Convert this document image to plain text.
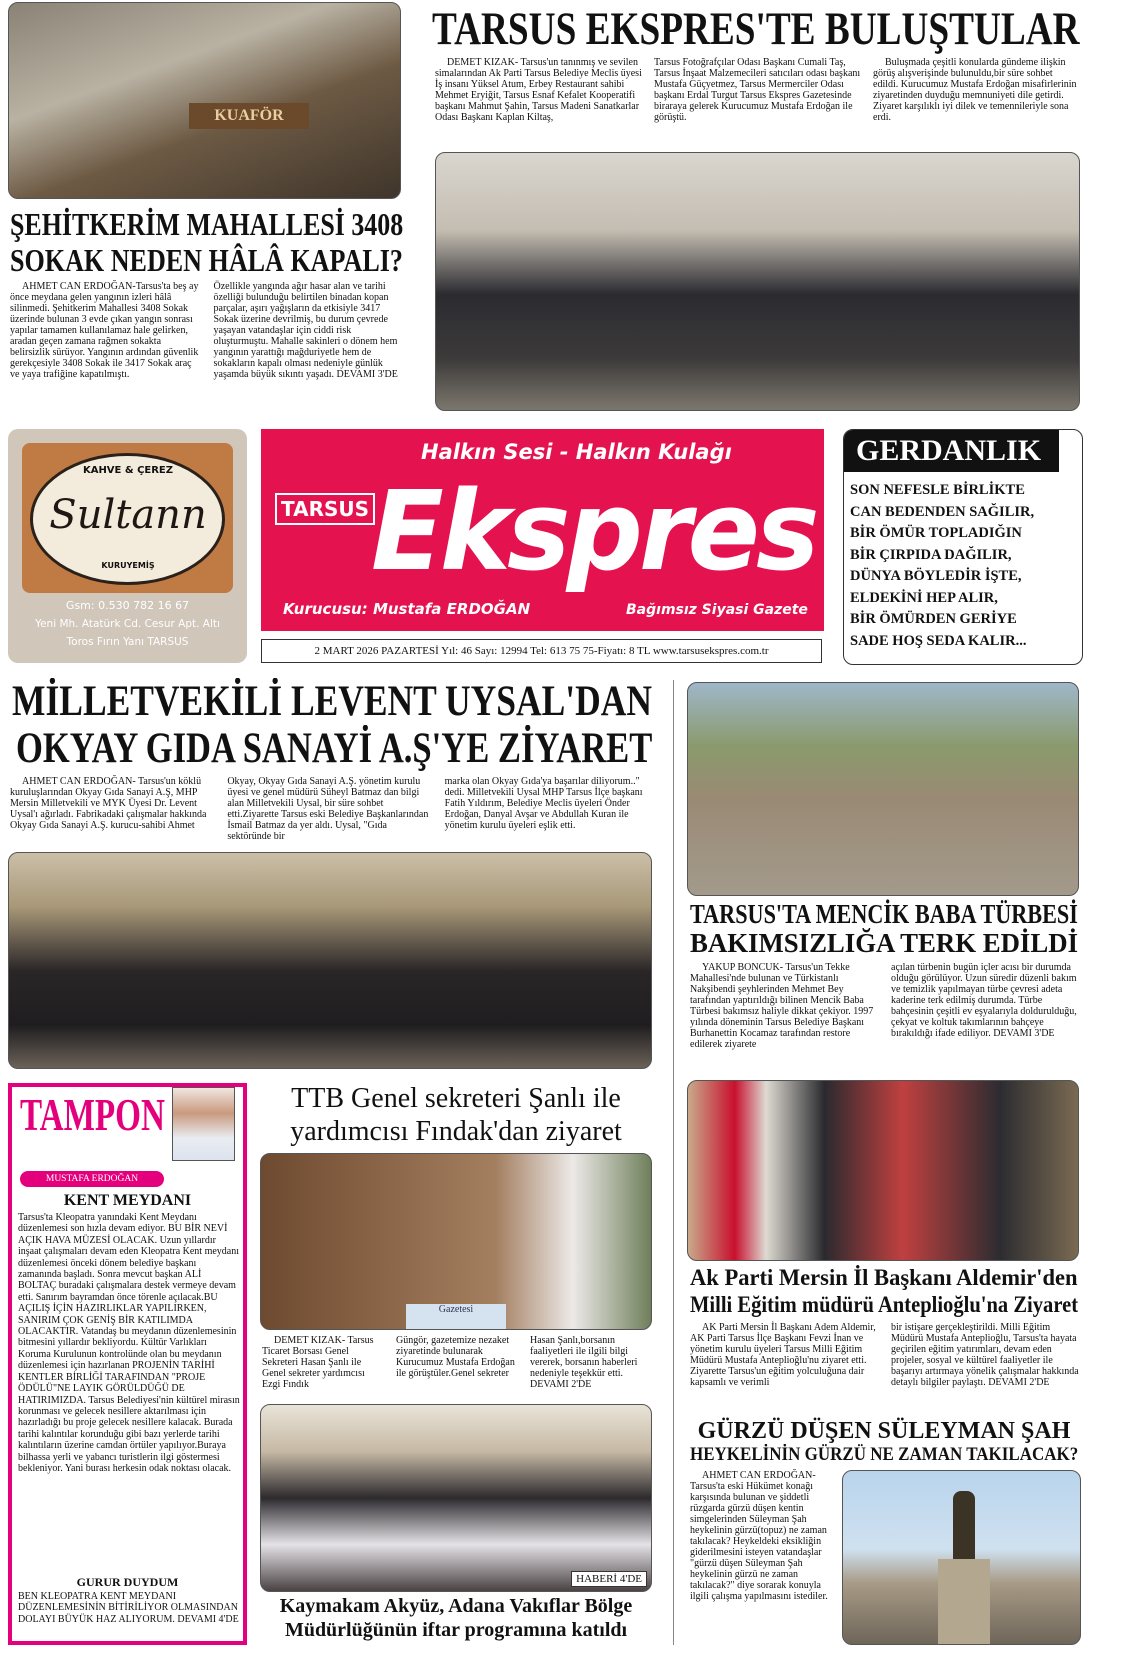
KUAFÖR
TARSUS EKSPRES'TE BULUŞTULAR

DEMET KIZAK- Tarsus'un tanınmış ve sevilen simalarından Ak Parti Tarsus Belediye Meclis üyesi İş insanı Yüksel Atum, Erbey Restaurant sahibi Mehmet Eryiğit, Tarsus Esnaf Kefalet Kooperatifi başkanı Mahmut Şahin, Tarsus Madeni Sanatkarlar Odası Başkanı Kaplan Kiltaş,

Tarsus Fotoğrafçılar Odası Başkanı Cumali Taş, Tarsus İnşaat Malzemecileri satıcıları odası başkanı Mustafa Güçyetmez, Tarsus Mermerciler Odası başkanı Erdal Turgut Tarsus Ekspres Gazetesinde biraraya gelerek Kurucumuz Mustafa Erdoğan ile görüştü.

Buluşmada çeşitli konularda gündeme ilişkin görüş alışverişinde bulunuldu,bir süre sohbet edildi. Kurucumuz Mustafa Erdoğan misafirlerinin ziyaretinden duyduğu memnuniyeti dile getirdi. Ziyaret karşılıklı iyi dilek ve temennileriyle sona erdi.

ŞEHİTKERİM MAHALLESİ 3408
SOKAK NEDEN HÂLÂ KAPALI?

AHMET CAN ERDOĞAN-Tarsus'ta beş ay önce meydana gelen yangının izleri hâlâ silinmedi. Şehitkerim Mahallesi 3408 Sokak üzerinde bulunan 3 evde çıkan yangın sonrası yapılar tamamen kullanılamaz hale gelirken, aradan geçen zamana rağmen sokakta belirsizlik sürüyor. Yangının ardından güvenlik gerekçesiyle 3408 Sokak ile 3417 Sokak araç ve yaya trafiğine kapatılmıştı.

Özellikle yangında ağır hasar alan ve tarihi özelliği bulunduğu belirtilen binadan kopan parçalar, aşırı yağışların da etkisiyle 3417 Sokak üzerine devrilmiş, bu durum çevrede yaşayan vatandaşlar için ciddi risk oluşturmuştu. Mahalle sakinleri o dönem hem yangının yarattığı mağduriyetle hem de sokakların kapalı olması nedeniyle günlük yaşamda büyük sıkıntı yaşadı. DEVAMI 3'DE

KAHVE & ÇEREZ
Sultann
KURUYEMİŞ
Gsm: 0.530 782 16 67
Yeni Mh. Atatürk Cd. Cesur Apt. Altı
Toros Fırın Yanı TARSUS
Halkın Sesi - Halkın Kulağı
TARSUS Ekspres
Kurucusu: Mustafa ERDOĞAN	Bağımsız Siyasi Gazete
2 MART 2026 PAZARTESİ Yıl: 46 Sayı: 12994 Tel: 613 75 75-Fiyatı: 8 TL www.tarsusekspres.com.tr
GERDANLIK
SON NEFESLE BİRLİKTE
CAN BEDENDEN SAĞILIR,
BİR ÖMÜR TOPLADIĞIN
BİR ÇIRPIDA DAĞILIR,
DÜNYA BÖYLEDİR İŞTE,
ELDEKİNİ HEP ALIR,
BİR ÖMÜRDEN GERİYE
SADE HOŞ SEDA KALIR...
MİLLETVEKİLİ LEVENT UYSAL'DAN
OKYAY GIDA SANAYİ A.Ş'YE ZİYARET

AHMET CAN ERDOĞAN- Tarsus'un köklü kuruluşlarından Okyay Gıda Sanayi A.Ş, MHP Mersin Milletvekili ve MYK Üyesi Dr. Levent Uysal'ı ağırladı. Fabrikadaki çalışmalar hakkında Okyay Gıda Sanayi A.Ş. kurucu-sahibi Ahmet

Okyay, Okyay Gıda Sanayi A.Ş. yönetim kurulu üyesi ve genel müdürü Süheyl Batmaz dan bilgi alan Milletvekili Uysal, bir süre sohbet etti.Ziyarette Tarsus eski Belediye Başkanlarından İsmail Batmaz da yer aldı. Uysal, "Gıda sektöründe bir

marka olan Okyay Gıda'ya başarılar diliyorum.." dedi. Milletvekili Uysal MHP Tarsus İlçe başkanı Fatih Yıldırım, Belediye Meclis üyeleri Önder Erdoğan, Danyal Avşar ve Abdullah Kuran ile yönetim kurulu üyeleri eşlik etti.

TARSUS'TA MENCİK BABA TÜRBESİ
BAKIMSIZLIĞA TERK EDİLDİ

YAKUP BONCUK- Tarsus'un Tekke Mahallesi'nde bulunan ve Türkistanlı Nakşibendi şeyhlerinden Mehmet Bey tarafından yaptırıldığı bilinen Mencik Baba Türbesi bakımsız haliyle dikkat çekiyor. 1997 yılında döneminin Tarsus Belediye Başkanı Burhanettin Kocamaz tarafından restore edilerek ziyarete

açılan türbenin bugün içler acısı bir durumda olduğu görülüyor. Uzun süredir düzenli bakım ve temizlik yapılmayan türbe çevresi adeta kaderine terk edilmiş durumda. Türbe bahçesinin çeşitli ev eşyalarıyla doldurulduğu, çekyat ve koltuk takımlarının bahçeye bırakıldığı ifade ediliyor. DEVAMI 3'DE

TAMPON
MUSTAFA ERDOĞAN
KENT MEYDANI
Tarsus'ta Kleopatra yanındaki Kent Meydanı düzenlemesi son hızla devam ediyor. BU BİR NEVİ AÇIK HAVA MÜZESİ OLACAK. Uzun yıllardır inşaat çalışmaları devam eden Kleopatra Kent meydanı düzenlemesi önceki dönem belediye başkanı zamanında başladı. Sonra mevcut başkan ALİ BOLTAÇ buradaki çalışmalara destek vermeye devam etti. Sanırım bayramdan önce törenle açılacak.BU AÇILIŞ İÇİN HAZIRLIKLAR YAPILIRKEN, SANIRIM ÇOK GENİŞ BİR KATILIMDA OLACAKTIR. Vatandaş bu meydanın düzenlemesinin bitmesini yıllardır bekliyordu. Kültür Varlıkları Koruma Kurulunun kontrolünde olan bu meydanın düzenlemesi için hazırlanan PROJENİN TARİHİ KENTLER BİRLİĞİ TARAFINDAN "PROJE ÖDÜLÜ"NE LAYIK GÖRÜLDÜĞÜ DE HATIRIMIZDA. Tarsus Belediyesi'nin kültürel mirasın korunması ve gelecek nesillere aktarılması için hazırladığı bu proje gelecek nesillere kalacak. Burada tarihi kalıntılar korunduğu gibi bazı yerlerde tarihi kalıntıların üzerine camdan örtüler yapılıyor.Buraya bilhassa yerli ve yabancı turistlerin ilgi göstermesi bekleniyor. Yani burası herkesin odak noktası olacak.
GURUR DUYDUM
BEN KLEOPATRA KENT MEYDANI DÜZENLEMESİNİN BİTİRİLİYOR OLMASINDAN DOLAYI BÜYÜK HAZ ALIYORUM. DEVAMI 4'DE
TTB Genel sekreteri Şanlı ile
yardımcısı Fındak'dan ziyaret
Gazetesi

DEMET KIZAK- Tarsus Ticaret Borsası Genel Sekreteri Hasan Şanlı ile Genel sekreter yardımcısı Ezgi Fındık

Güngör, gazetemize nezaket ziyaretinde bulunarak Kurucumuz Mustafa Erdoğan ile görüştüler.Genel sekreter

Hasan Şanlı,borsanın faaliyetleri ile ilgili bilgi vererek, borsanın haberleri nedeniyle teşekkür etti. DEVAMI 2'DE

HABERİ 4'DE
Kaymakam Akyüz, Adana Vakıflar Bölge
Müdürlüğünün iftar programına katıldı
Ak Parti Mersin İl Başkanı Aldemir'den
Milli Eğitim müdürü Anteplioğlu'na Ziyaret

AK Parti Mersin İl Başkanı Adem Aldemir, AK Parti Tarsus İlçe Başkanı Fevzi İnan ve yönetim kurulu üyeleri Tarsus Milli Eğitim Müdürü Mustafa Anteplioğlu'nu ziyaret etti. Ziyarette Tarsus'un eğitim yolculuğuna dair kapsamlı ve verimli

bir istişare gerçekleştirildi. Milli Eğitim Müdürü Mustafa Anteplioğlu, Tarsus'ta hayata geçirilen eğitim yatırımları, devam eden projeler, sosyal ve kültürel faaliyetler ile başarıyı artırmaya yönelik çalışmalar hakkında detaylı bilgiler paylaştı. DEVAMI 2'DE

GÜRZÜ DÜŞEN SÜLEYMAN ŞAH
HEYKELİNİN GÜRZÜ NE ZAMAN TAKILACAK?
AHMET CAN ERDOĞAN- Tarsus'ta eski Hükümet konağı karşısında bulunan ve şiddetli rüzgarda gürzü düşen kentin simgelerinden Süleyman Şah heykelinin gürzü(topuz) ne zaman takılacak? Heykeldeki eksikliğin giderilmesini isteyen vatandaşlar "gürzü düşen Süleyman Şah heykelinin gürzü ne zaman takılacak?" diye sorarak konuyla ilgili çalışma yapılmasını istediler.
